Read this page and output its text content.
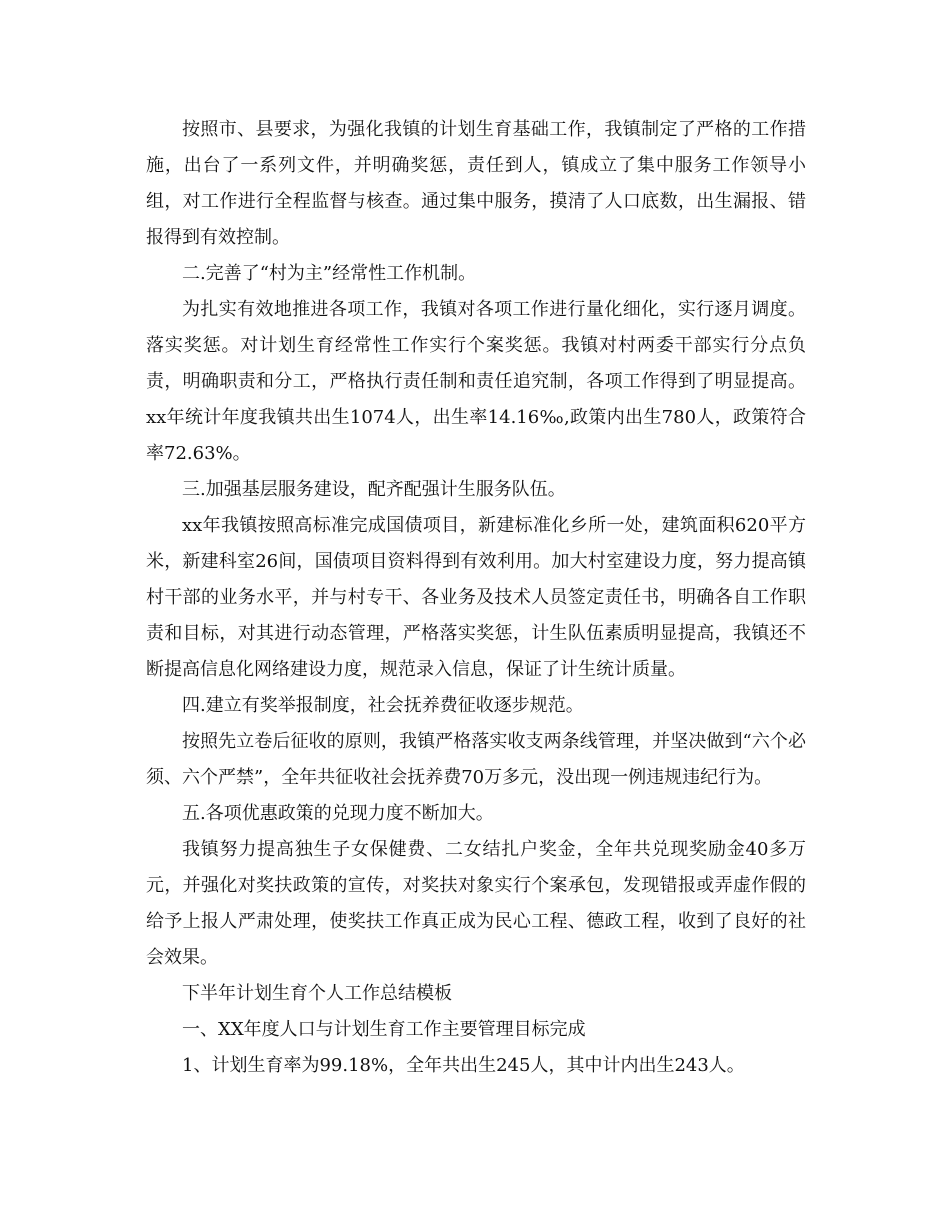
按照市、县要求，为强化我镇的计划生育基础工作，我镇制定了严格的工作措施，出台了一系列文件，并明确奖惩，责任到人，镇成立了集中服务工作领导小组，对工作进行全程监督与核查。通过集中服务，摸清了人口底数，出生漏报、错报得到有效控制。

二.完善了“村为主”经常性工作机制。

为扎实有效地推进各项工作，我镇对各项工作进行量化细化，实行逐月调度。落实奖惩。对计划生育经常性工作实行个案奖惩。我镇对村两委干部实行分点负责，明确职责和分工，严格执行责任制和责任追究制，各项工作得到了明显提高。xx年统计年度我镇共出生1074人，出生率14.16‰,政策内出生780人，政策符合率72.63%。

三.加强基层服务建设，配齐配强计生服务队伍。

xx年我镇按照高标准完成国债项目，新建标准化乡所一处，建筑面积620平方米，新建科室26间，国债项目资料得到有效利用。加大村室建设力度，努力提高镇村干部的业务水平，并与村专干、各业务及技术人员签定责任书，明确各自工作职责和目标，对其进行动态管理，严格落实奖惩，计生队伍素质明显提高，我镇还不断提高信息化网络建设力度，规范录入信息，保证了计生统计质量。

四.建立有奖举报制度，社会抚养费征收逐步规范。

按照先立卷后征收的原则，我镇严格落实收支两条线管理，并坚决做到“六个必须、六个严禁”，全年共征收社会抚养费70万多元，没出现一例违规违纪行为。

五.各项优惠政策的兑现力度不断加大。

我镇努力提高独生子女保健费、二女结扎户奖金，全年共兑现奖励金40多万元，并强化对奖扶政策的宣传，对奖扶对象实行个案承包，发现错报或弄虚作假的给予上报人严肃处理，使奖扶工作真正成为民心工程、德政工程，收到了良好的社会效果。

下半年计划生育个人工作总结模板

一、XX年度人口与计划生育工作主要管理目标完成

1、计划生育率为99.18%，全年共出生245人，其中计内出生243人。
